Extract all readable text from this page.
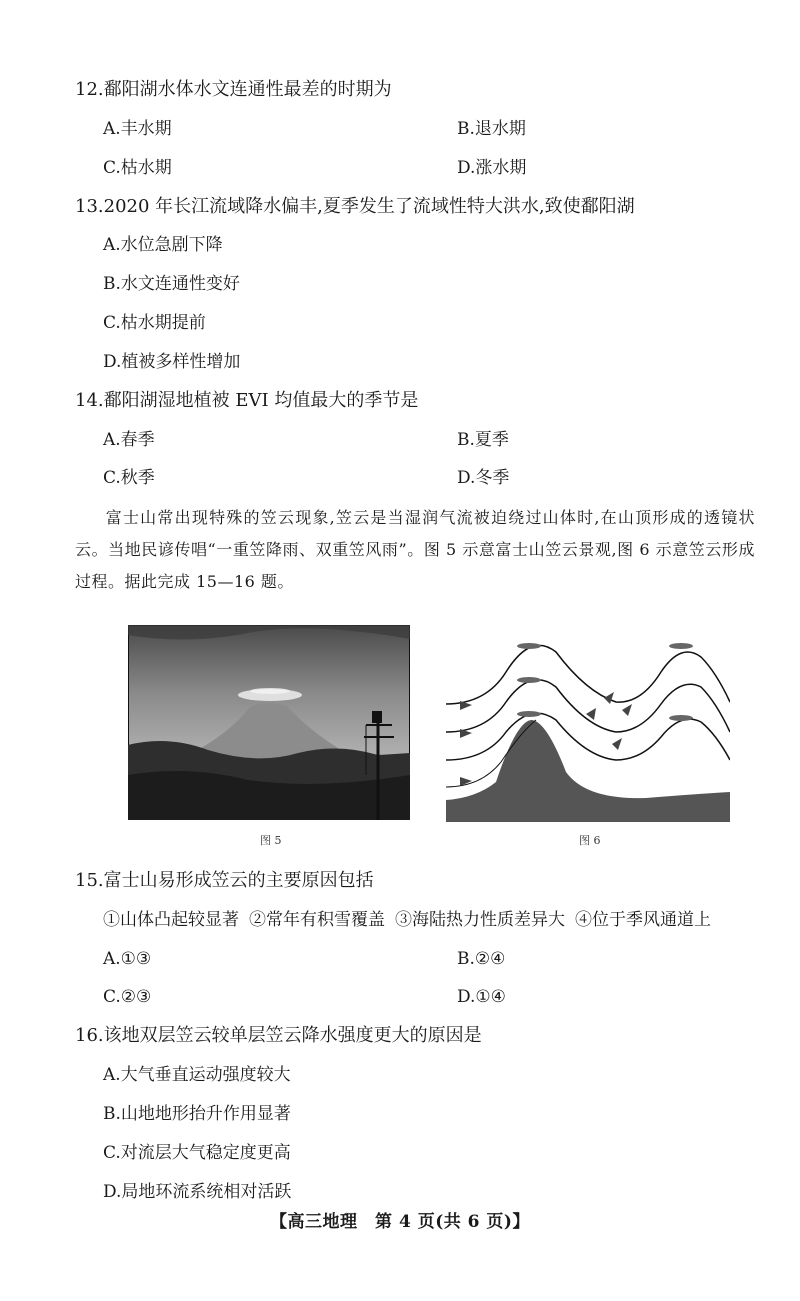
12.鄱阳湖水体水文连通性最差的时期为
A.丰水期	B.退水期
C.枯水期	D.涨水期
13.2020 年长江流域降水偏丰,夏季发生了流域性特大洪水,致使鄱阳湖
A.水位急剧下降
B.水文连通性变好
C.枯水期提前
D.植被多样性增加
14.鄱阳湖湿地植被 EVI 均值最大的季节是
A.春季	B.夏季
C.秋季	D.冬季
富士山常出现特殊的笠云现象,笠云是当湿润气流被迫绕过山体时,在山顶形成的透镜状云。当地民谚传唱“一重笠降雨、双重笠风雨”。图 5 示意富士山笠云景观,图 6 示意笠云形成过程。据此完成 15—16 题。
图 5	图 6
15.富士山易形成笠云的主要原因包括
①山体凸起较显著 ②常年有积雪覆盖 ③海陆热力性质差异大 ④位于季风通道上
A.①③	B.②④
C.②③	D.①④
16.该地双层笠云较单层笠云降水强度更大的原因是
A.大气垂直运动强度较大
B.山地地形抬升作用显著
C.对流层大气稳定度更高
D.局地环流系统相对活跃
【高三地理　第 4 页(共 6 页)】
